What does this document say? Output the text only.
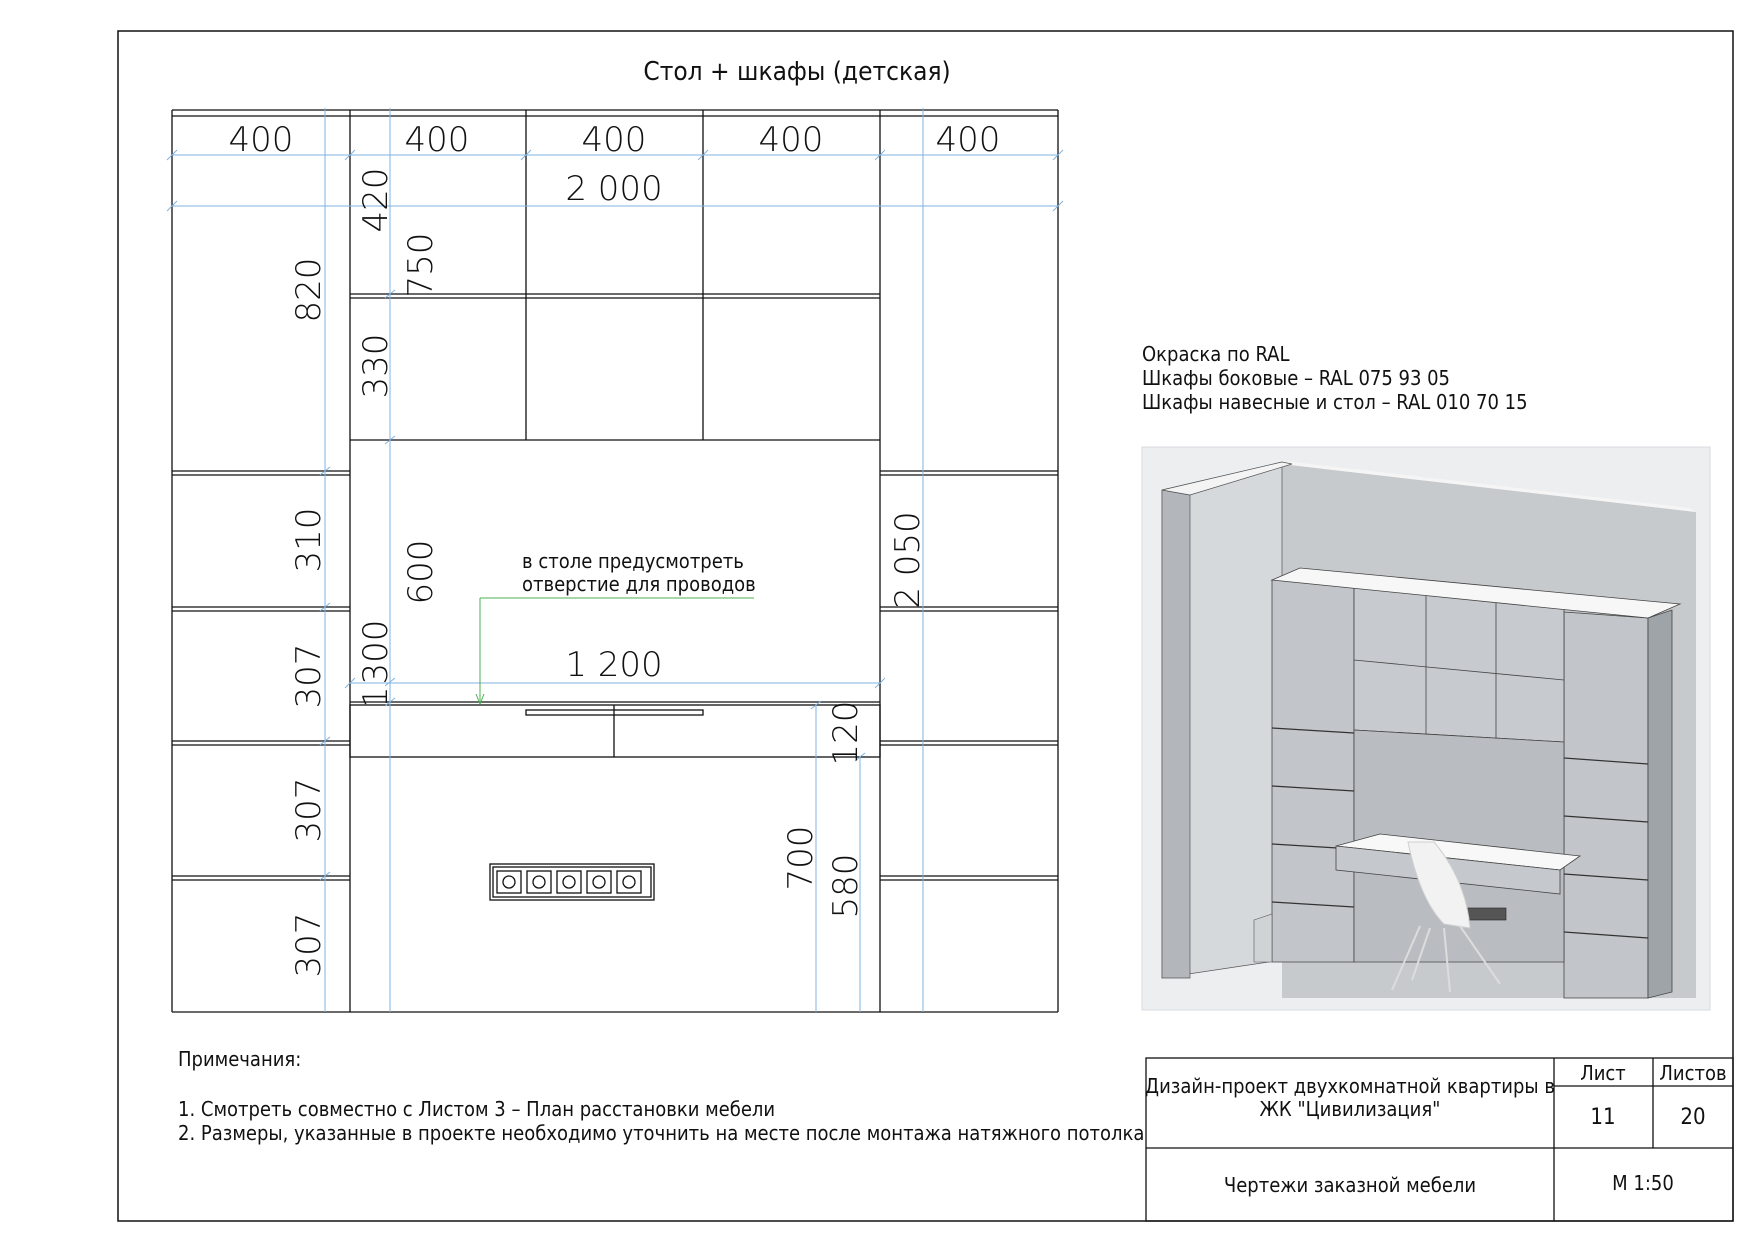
Стол + шкафы (детская)
400	400	400	400	400
2 000
1 200
420
750
820
330
310 600	2 050
307 300
1
307
307
120
700 580
в столе предусмотреть
отверстие для проводов
Окраска по RAL
Шкафы боковые – RAL 075 93 05
Шкафы навесные и стол – RAL 010 70 15
Примечания:
1. Смотреть совместно с Листом 3 – План расстановки мебели
2. Размеры, указанные в проекте необходимо уточнить на месте после монтажа натяжного потолка
Дизайн-проект двухкомнатной квартиры в
ЖК "Цивилизация"
Лист Листов
11	20
Чертежи заказной мебели	М 1:50
